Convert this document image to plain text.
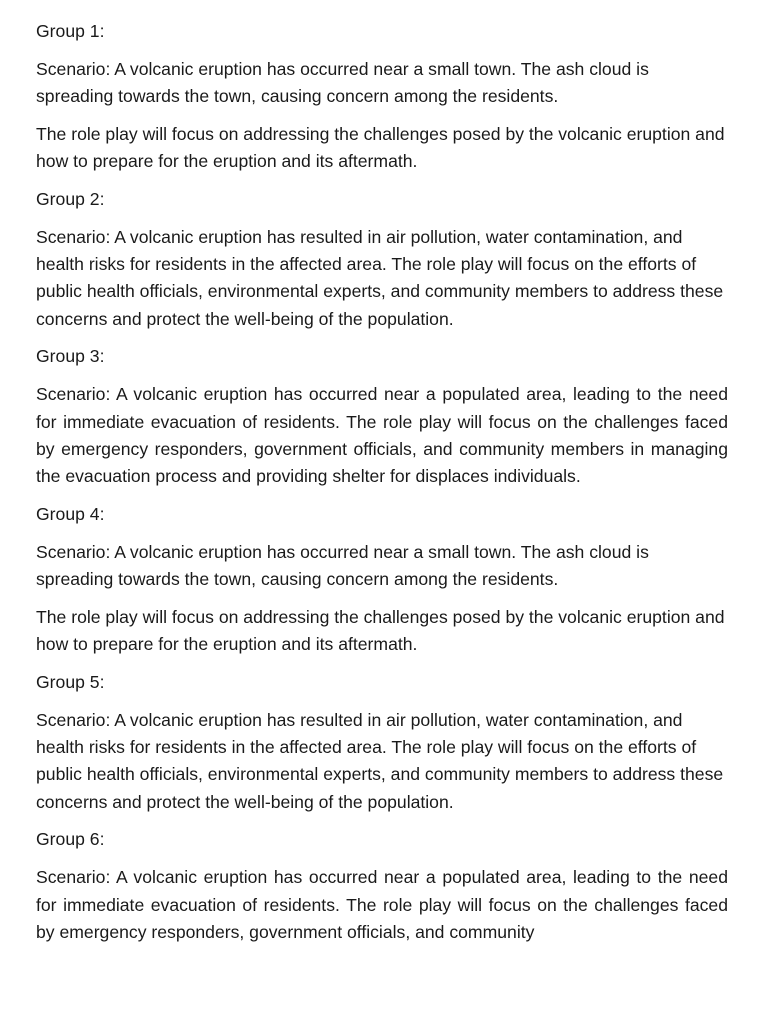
Group 1:

Scenario: A volcanic eruption has occurred near a small town. The ash cloud is spreading towards the town, causing concern among the residents.

The role play will focus on addressing the challenges posed by the volcanic eruption and how to prepare for the eruption and its aftermath.

Group 2:

Scenario: A volcanic eruption has resulted in air pollution, water contamination, and health risks for residents in the affected area. The role play will focus on the efforts of public health officials, environmental experts, and community members to address these concerns and protect the well-being of the population.

Group 3:

Scenario: A volcanic eruption has occurred near a populated area, leading to the need for immediate evacuation of residents. The role play will focus on the challenges faced by emergency responders, government officials, and community members in managing the evacuation process and providing shelter for displaces individuals.

Group 4:

Scenario: A volcanic eruption has occurred near a small town. The ash cloud is spreading towards the town, causing concern among the residents.

The role play will focus on addressing the challenges posed by the volcanic eruption and how to prepare for the eruption and its aftermath.

Group 5:

Scenario: A volcanic eruption has resulted in air pollution, water contamination, and health risks for residents in the affected area. The role play will focus on the efforts of public health officials, environmental experts, and community members to address these concerns and protect the well-being of the population.

Group 6:

Scenario: A volcanic eruption has occurred near a populated area, leading to the need for immediate evacuation of residents. The role play will focus on the challenges faced by emergency responders, government officials, and community
